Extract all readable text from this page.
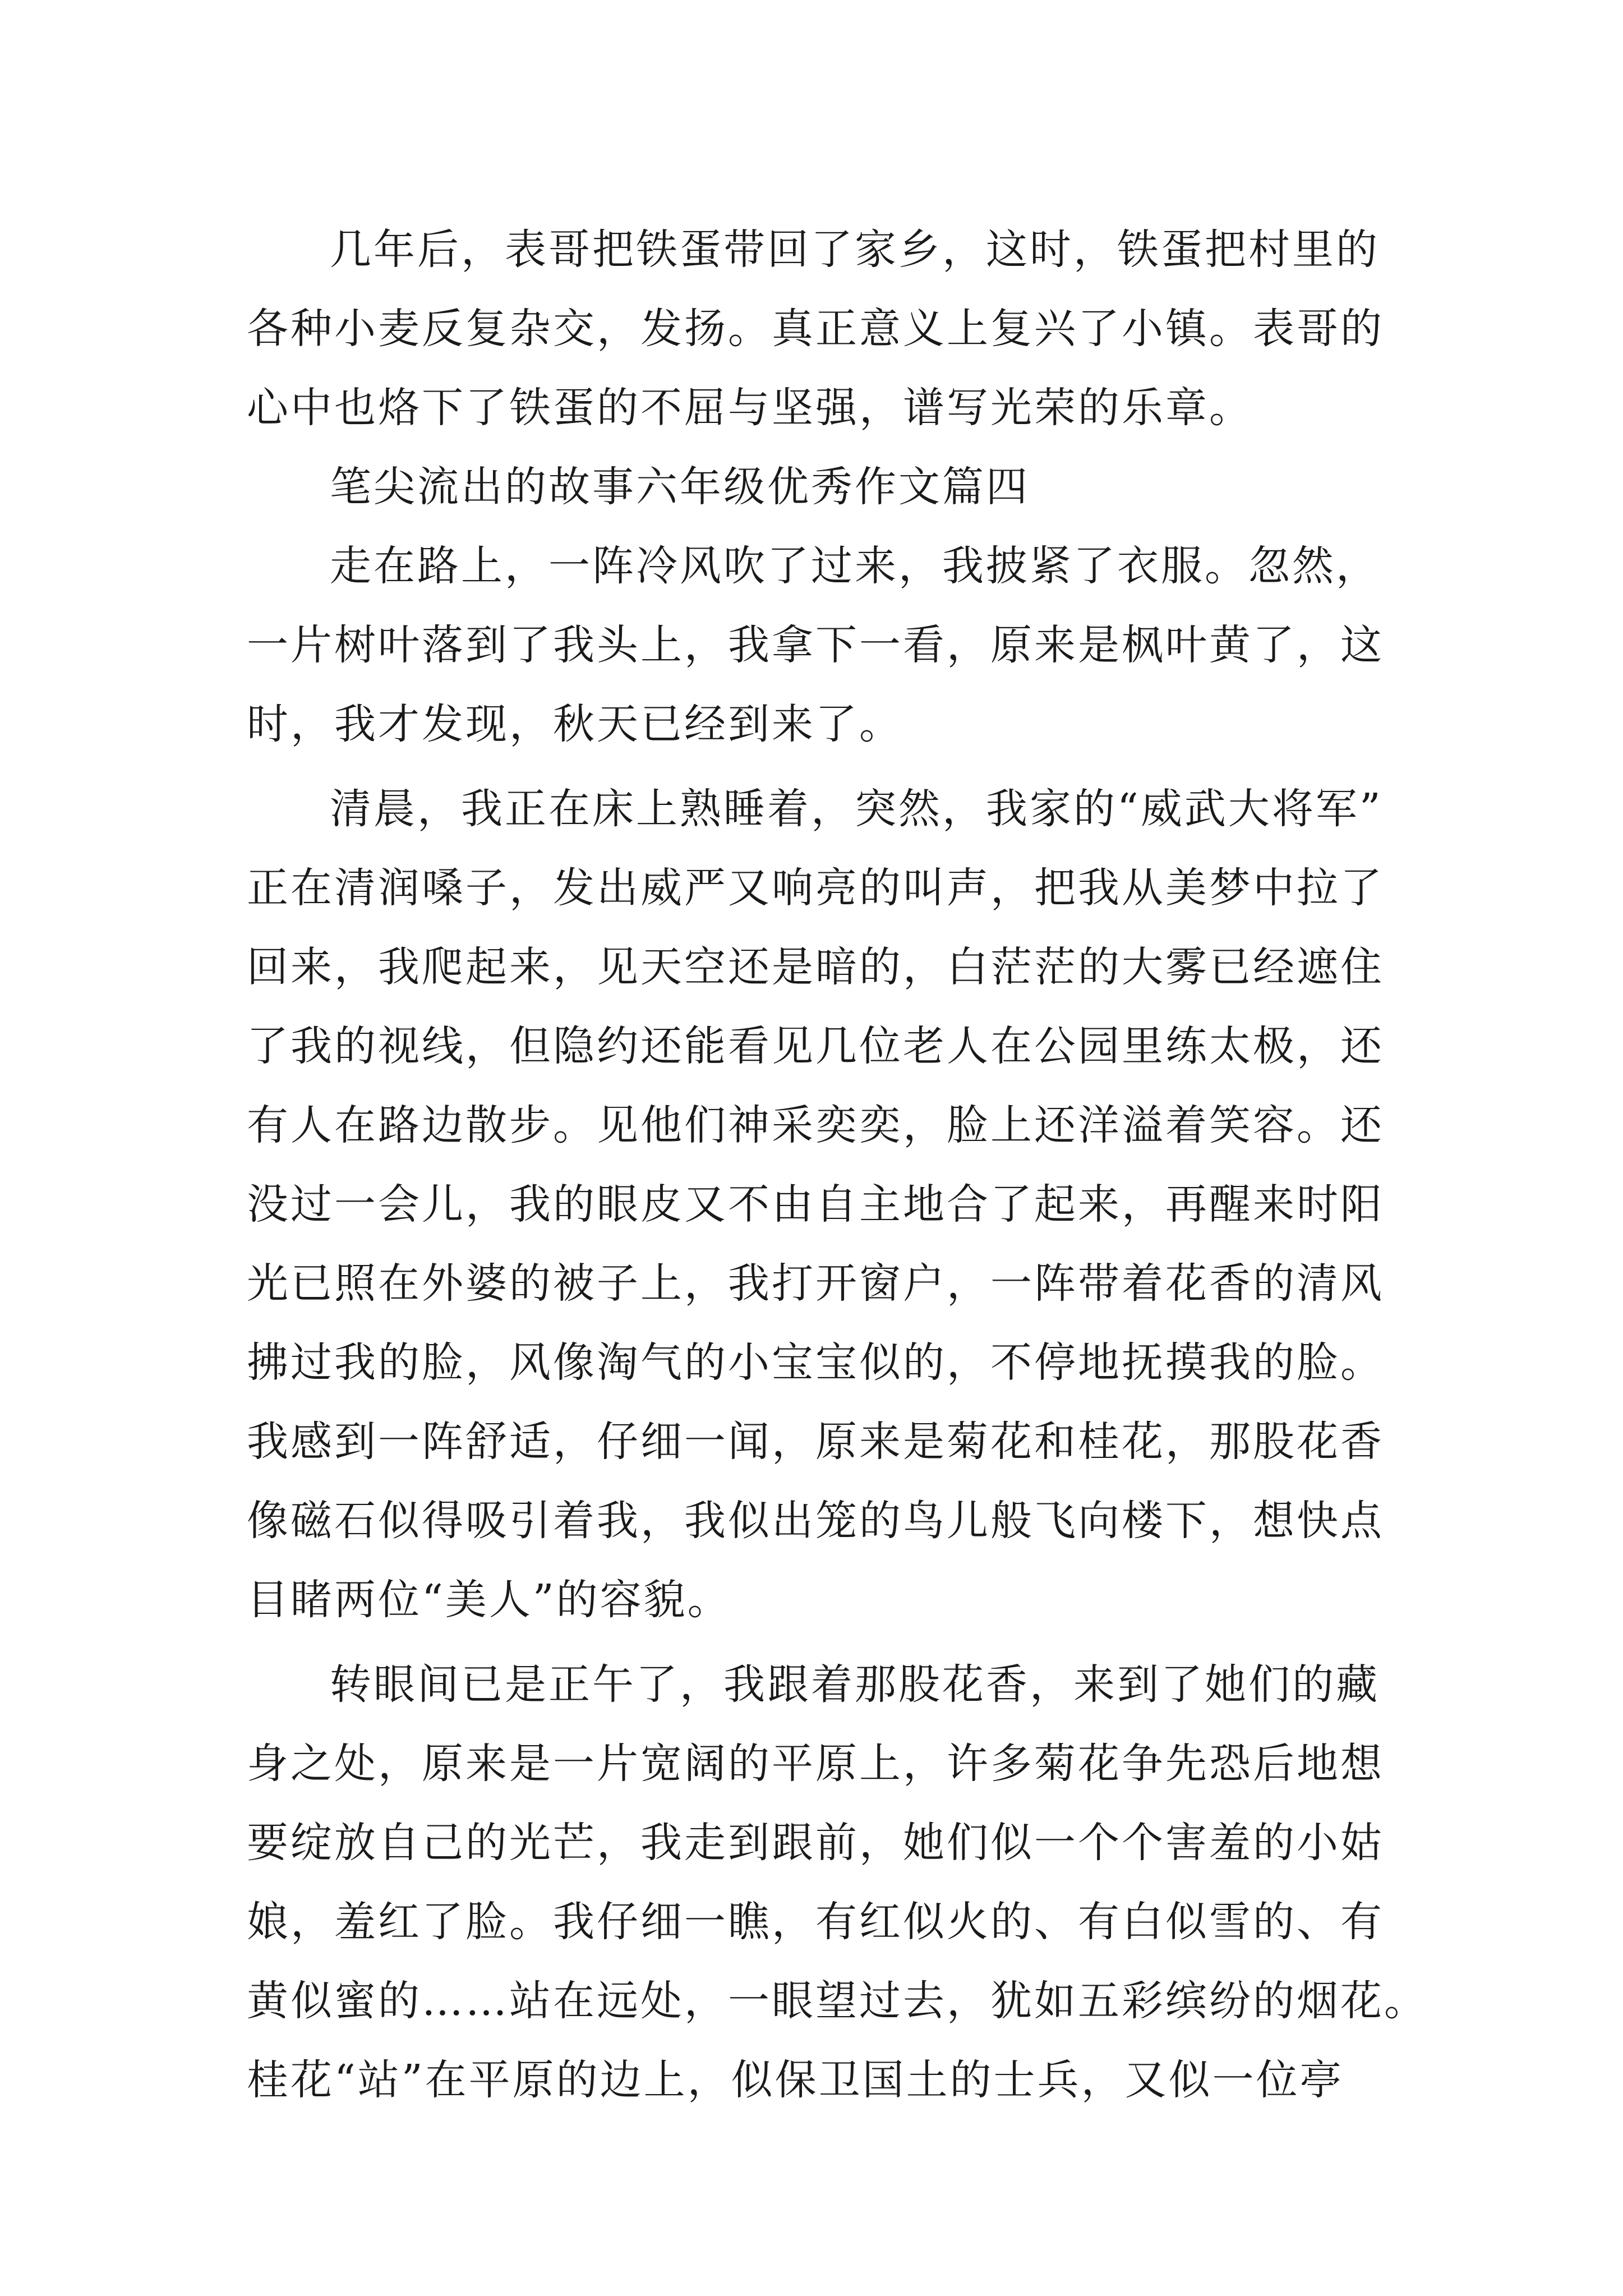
几年后，表哥把铁蛋带回了家乡，这时，铁蛋把村里的
各种小麦反复杂交，发扬。真正意义上复兴了小镇。表哥的
心中也烙下了铁蛋的不屈与坚强，谱写光荣的乐章。
笔尖流出的故事六年级优秀作文篇四
走在路上，一阵冷风吹了过来，我披紧了衣服。忽然，
一片树叶落到了我头上，我拿下一看，原来是枫叶黄了，这
时，我才发现，秋天已经到来了。
清晨，我正在床上熟睡着，突然，我家的“威武大将军”
正在清润嗓子，发出威严又响亮的叫声，把我从美梦中拉了
回来，我爬起来，见天空还是暗的，白茫茫的大雾已经遮住
了我的视线，但隐约还能看见几位老人在公园里练太极，还
有人在路边散步。见他们神采奕奕，脸上还洋溢着笑容。还
没过一会儿，我的眼皮又不由自主地合了起来，再醒来时阳
光已照在外婆的被子上，我打开窗户，一阵带着花香的清风
拂过我的脸，风像淘气的小宝宝似的，不停地抚摸我的脸。
我感到一阵舒适，仔细一闻，原来是菊花和桂花，那股花香
像磁石似得吸引着我，我似出笼的鸟儿般飞向楼下，想快点
目睹两位“美人”的容貌。
转眼间已是正午了，我跟着那股花香，来到了她们的藏
身之处，原来是一片宽阔的平原上，许多菊花争先恐后地想
要绽放自己的光芒，我走到跟前，她们似一个个害羞的小姑
娘，羞红了脸。我仔细一瞧，有红似火的、有白似雪的、有
黄似蜜的……站在远处，一眼望过去，犹如五彩缤纷的烟花。
桂花“站”在平原的边上，似保卫国土的士兵，又似一位亭
